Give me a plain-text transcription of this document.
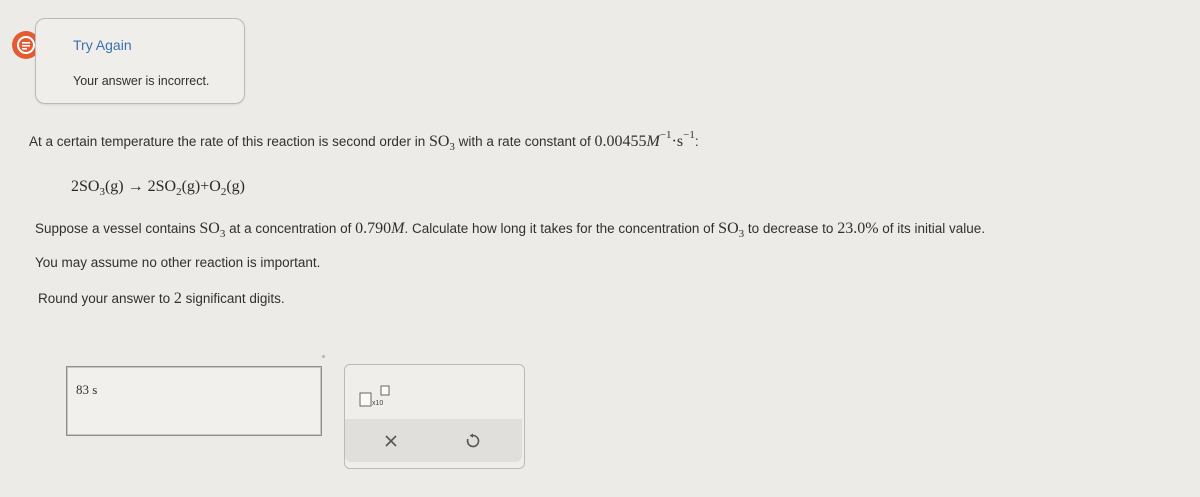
Try Again
Your answer is incorrect.
At a certain temperature the rate of this reaction is second order in $SO_3$ with a rate constant of $0.00455M^{-1}\cdot s^{-1}$:
$2SO_3(g) \to 2SO_2(g)+O_2(g)$
Suppose a vessel contains $SO_3$ at a concentration of 0.790M. Calculate how long it takes for the concentration of $SO_3$ to decrease to 23.0% of its initial value.
You may assume no other reaction is important.
Round your answer to 2 significant digits.
83 s
x10
